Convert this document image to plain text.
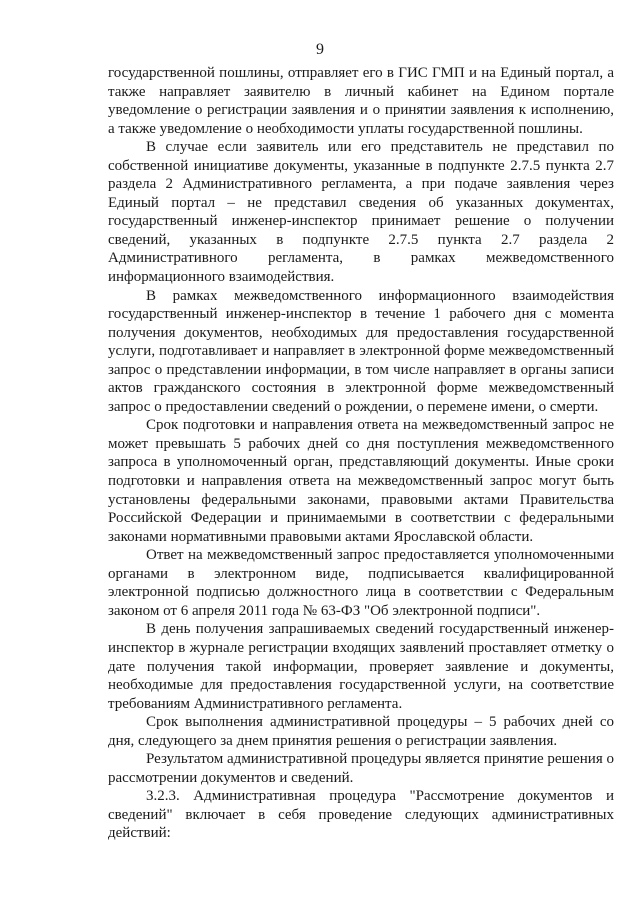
9

государственной пошлины, отправляет его в ГИС ГМП и на Единый портал, а также направляет заявителю в личный кабинет на Едином портале уведомление о регистрации заявления и о принятии заявления к исполнению, а также уведомление о необходимости уплаты государственной пошлины.

В случае если заявитель или его представитель не представил по собственной инициативе документы, указанные в подпункте 2.7.5 пункта 2.7 раздела 2 Административного регламента, а при подаче заявления через Единый портал – не представил сведения об указанных документах, государственный инженер-инспектор принимает решение о получении сведений, указанных в подпункте 2.7.5 пункта 2.7 раздела 2 Административного регламента, в рамках межведомственного информационного взаимодействия.

В рамках межведомственного информационного взаимодействия государственный инженер-инспектор в течение 1 рабочего дня с момента получения документов, необходимых для предоставления государственной услуги, подготавливает и направляет в электронной форме межведомственный запрос о представлении информации, в том числе направляет в органы записи актов гражданского состояния в электронной форме межведомственный запрос о предоставлении сведений о рождении, о перемене имени, о смерти.

Срок подготовки и направления ответа на межведомственный запрос не может превышать 5 рабочих дней со дня поступления межведомственного запроса в уполномоченный орган, представляющий документы. Иные сроки подготовки и направления ответа на межведомственный запрос могут быть установлены федеральными законами, правовыми актами Правительства Российской Федерации и принимаемыми в соответствии с федеральными законами нормативными правовыми актами Ярославской области.

Ответ на межведомственный запрос предоставляется уполномоченными органами в электронном виде, подписывается квалифицированной электронной подписью должностного лица в соответствии с Федеральным законом от 6 апреля 2011 года № 63-ФЗ "Об электронной подписи".

В день получения запрашиваемых сведений государственный инженер-инспектор в журнале регистрации входящих заявлений проставляет отметку о дате получения такой информации, проверяет заявление и документы, необходимые для предоставления государственной услуги, на соответствие требованиям Административного регламента.

Срок выполнения административной процедуры – 5 рабочих дней со дня, следующего за днем принятия решения о регистрации заявления.

Результатом административной процедуры является принятие решения о рассмотрении документов и сведений.

3.2.3. Административная процедура "Рассмотрение документов и сведений" включает в себя проведение следующих административных действий:
